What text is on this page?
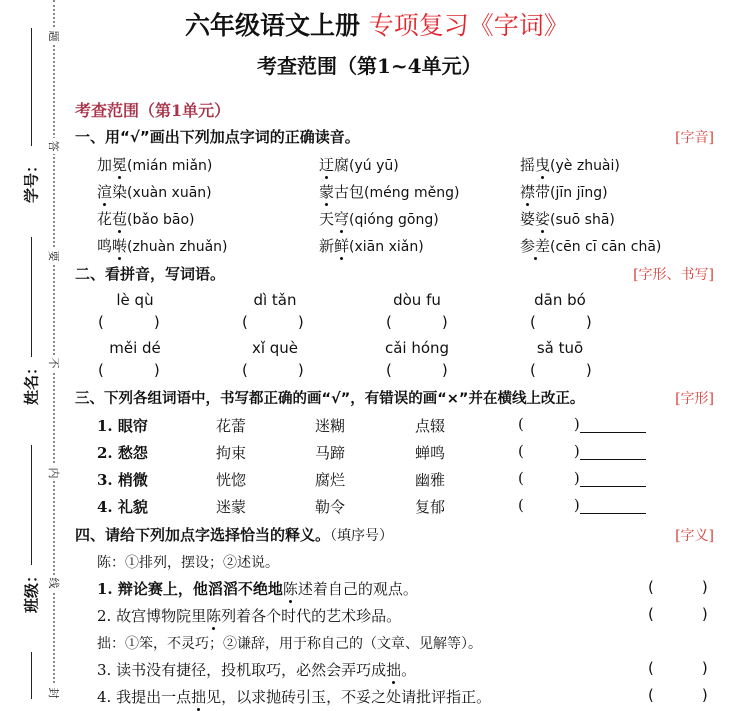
题
答
要
不
内
线
封
学号：
姓名：
班级：
六年级语文上册 专项复习《字词》
考查范围（第1~4单元）
考查范围（第1单元）
一、用“√”画出下列加点字词的正确读音。	[字音]
加冕(mián miǎn)	迂腐(yú yū)	摇曳(yè zhuài)
渲染(xuàn xuān)	蒙古包(méng měng)	襟带(jīn jīng)
花苞(bǎo bāo)	天穹(qióng gōng)	婆娑(suō shā)
鸣啭(zhuàn zhuǎn)	新鲜(xiān xiǎn)	参差(cēn cī cān chā)
二、看拼音，写词语。	[字形、书写]
lè qù	dì tǎn	dòu fu	dān bó
(	)	(	)	(	)	(	)
měi dé	xǐ què	cǎi hóng	sǎ tuō
(	)	(	)	(	)	(	)
三、下列各组词语中，书写都正确的画“√”，有错误的画“×”并在横线上改正。	[字形]
1. 眼帘	花蕾	迷糊	点辍	(	)
2. 愁怨	拘束	马蹄	蝉鸣	(	)
3. 梢微	恍惚	腐烂	幽雅	(	)
4. 礼貌	迷蒙	勒令	复郁	(	)
四、请给下列加点字选择恰当的释义。（填序号）	[字义]
陈：①排列，摆设；②述说。
1. 辩论赛上，他滔滔不绝地陈述着自己的观点。	(	)
2. 故宫博物院里陈列着各个时代的艺术珍品。	(	)
拙：①笨，不灵巧；②谦辞，用于称自己的（文章、见解等）。
3. 读书没有捷径，投机取巧，必然会弄巧成拙。	(	)
4. 我提出一点拙见，以求抛砖引玉，不妥之处请批评指正。	(	)
